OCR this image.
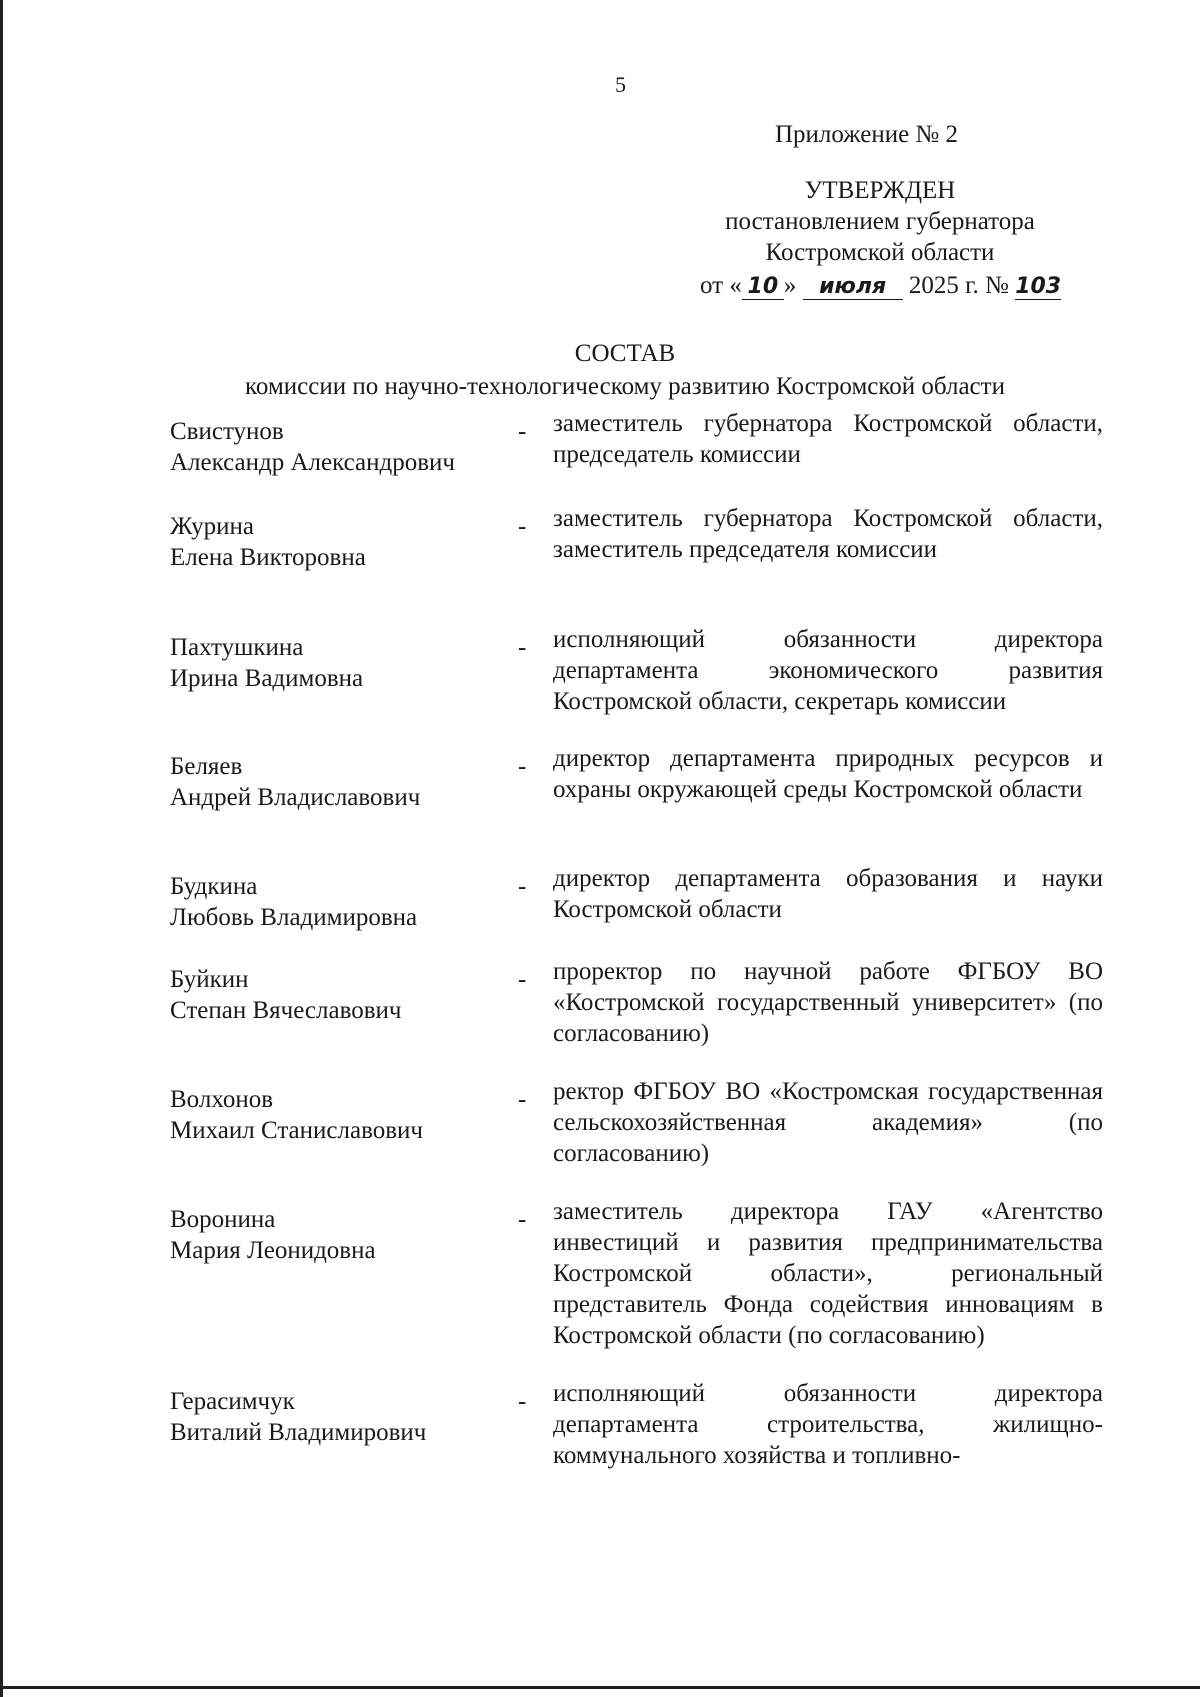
5
Приложение № 2
УТВЕРЖДЕН
постановлением губернатора
Костромской области
от « 10 » июля 2025 г. № 103
СОСТАВ
комиссии по научно-технологическому развитию Костромской области
Свистунов
Александр Александрович
- заместитель губернатора Костромской области, председатель комиссии
Журина
Елена Викторовна
- заместитель губернатора Костромской области, заместитель председателя комиссии
Пахтушкина
Ирина Вадимовна
- исполняющий обязанности директора департамента экономического развития Костромской области, секретарь комиссии
Беляев
Андрей Владиславович
- директор департамента природных ресурсов и охраны окружающей среды Костромской области
Будкина
Любовь Владимировна
- директор департамента образования и науки Костромской области
Буйкин
Степан Вячеславович
- проректор по научной работе ФГБОУ ВО «Костромской государственный университет» (по согласованию)
Волхонов
Михаил Станиславович
- ректор ФГБОУ ВО «Костромская государственная сельскохозяйственная академия» (по согласованию)
Воронина
Мария Леонидовна
- заместитель директора ГАУ «Агентство инвестиций и развития предпринимательства Костромской области», региональный представитель Фонда содействия инновациям в Костромской области (по согласованию)
Герасимчук
Виталий Владимирович
- исполняющий обязанности директора департамента строительства, жилищно-коммунального хозяйства и топливно-
